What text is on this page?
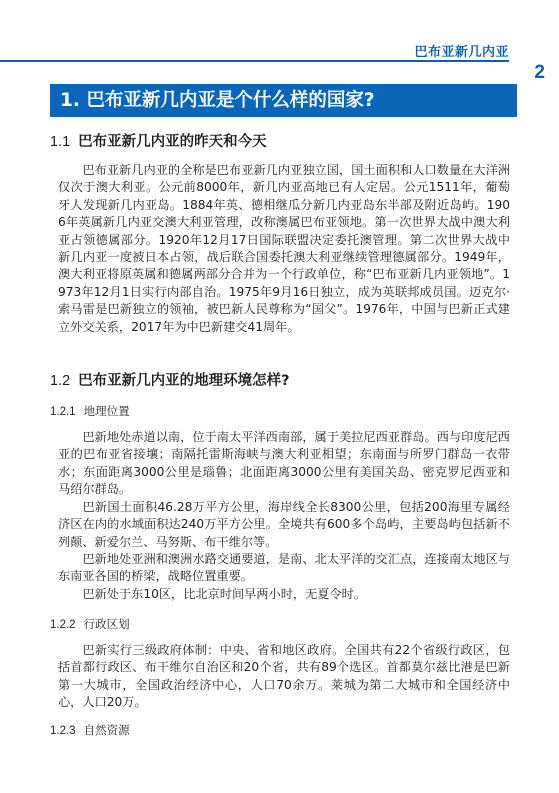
巴布亚新几内亚
2
1. 巴布亚新几内亚是个什么样的国家?
1.1 巴布亚新几内亚的昨天和今天

巴布亚新几内亚的全称是巴布亚新几内亚独立国，国土面积和人口数量在大洋洲仅次于澳大利亚。公元前8000年，新几内亚高地已有人定居。公元1511年，葡萄牙人发现新几内亚岛。1884年英、德相继瓜分新几内亚岛东半部及附近岛屿。1906年英属新几内亚交澳大利亚管理，改称澳属巴布亚领地。第一次世界大战中澳大利亚占领德属部分。1920年12月17日国际联盟决定委托澳管理。第二次世界大战中新几内亚一度被日本占领，战后联合国委托澳大利亚继续管理德属部分。1949年，澳大利亚将原英属和德属两部分合并为一个行政单位，称“巴布亚新几内亚领地”。1973年12月1日实行内部自治。1975年9月16日独立，成为英联邦成员国。迈克尔·索马雷是巴新独立的领袖，被巴新人民尊称为“国父”。1976年，中国与巴新正式建立外交关系，2017年为中巴新建交41周年。

1.2 巴布亚新几内亚的地理环境怎样?
1.2.1 地理位置

巴新地处赤道以南，位于南太平洋西南部，属于美拉尼西亚群岛。西与印度尼西亚的巴布亚省接壤；南隔托雷斯海峡与澳大利亚相望；东南面与所罗门群岛一衣带水；东面距离3000公里是瑙鲁；北面距离3000公里有美国关岛、密克罗尼西亚和马绍尔群岛。

巴新国土面积46.28万平方公里，海岸线全长8300公里，包括200海里专属经济区在内的水域面积达240万平方公里。全境共有600多个岛屿，主要岛屿包括新不列颠、新爱尔兰、马努斯、布干维尔等。

巴新地处亚洲和澳洲水路交通要道，是南、北太平洋的交汇点，连接南太地区与东南亚各国的桥梁，战略位置重要。

巴新处于东10区，比北京时间早两小时，无夏令时。

1.2.2 行政区划

巴新实行三级政府体制：中央、省和地区政府。全国共有22个省级行政区，包括首都行政区、布干维尔自治区和20个省，共有89个选区。首都莫尔兹比港是巴新第一大城市，全国政治经济中心，人口70余万。莱城为第二大城市和全国经济中心，人口20万。

1.2.3 自然资源
